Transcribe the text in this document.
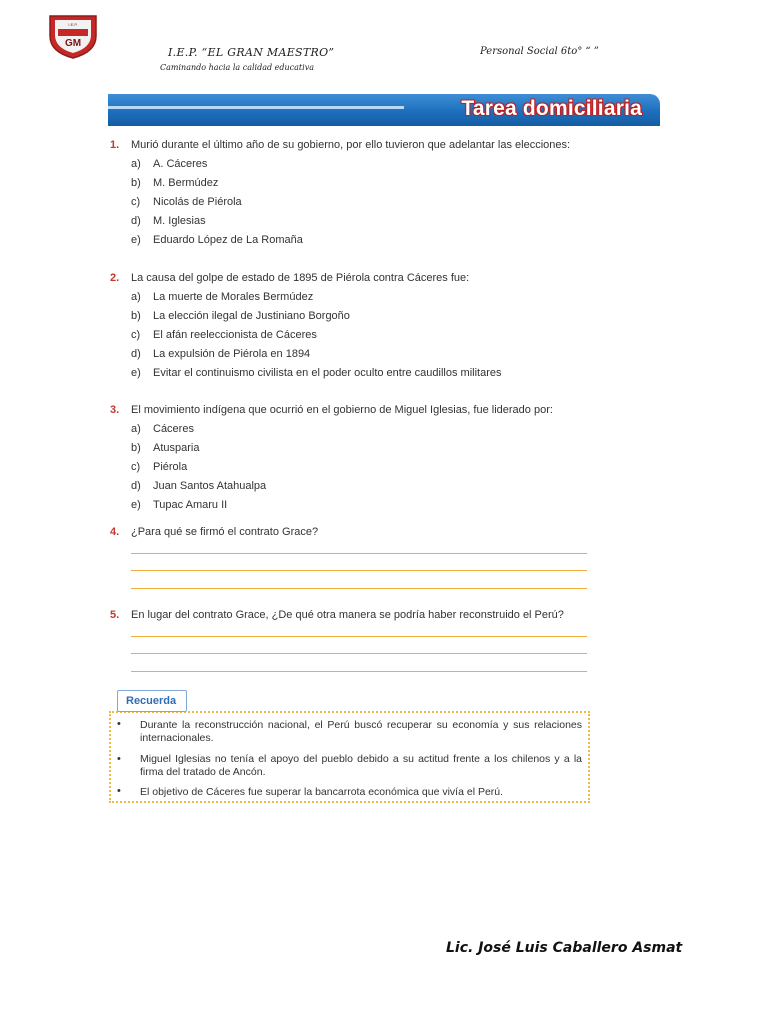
GM
I.E.P.
I.E.P. “EL GRAN MAESTRO”
Caminando hacia la calidad educativa
Personal Social 6to° “ ”
Tarea domiciliaria
1. Murió durante el último año de su gobierno, por ello tuvieron que adelantar las elecciones:
a) A. Cáceres
b) M. Bermúdez
c) Nicolás de Piérola
d) M. Iglesias
e) Eduardo López de La Romaña
2. La causa del golpe de estado de 1895 de Piérola contra Cáceres fue:
a) La muerte de Morales Bermúdez
b) La elección ilegal de Justiniano Borgoño
c) El afán reeleccionista de Cáceres
d) La expulsión de Piérola en 1894
e) Evitar el continuismo civilista en el poder oculto entre caudillos militares
3. El movimiento indígena que ocurrió en el gobierno de Miguel Iglesias, fue liderado por:
a) Cáceres
b) Atusparia
c) Piérola
d) Juan Santos Atahualpa
e) Tupac Amaru II
4. ¿Para qué se firmó el contrato Grace?
5. En lugar del contrato Grace, ¿De qué otra manera se podría haber reconstruido el Perú?
Recuerda
• Durante la reconstrucción nacional, el Perú buscó recuperar su economía y sus relaciones internacionales.
• Miguel Iglesias no tenía el apoyo del pueblo debido a su actitud frente a los chilenos y a la firma del tratado de Ancón.
• El objetivo de Cáceres fue superar la bancarrota económica que vivía el Perú.
Lic. José Luis Caballero Asmat
